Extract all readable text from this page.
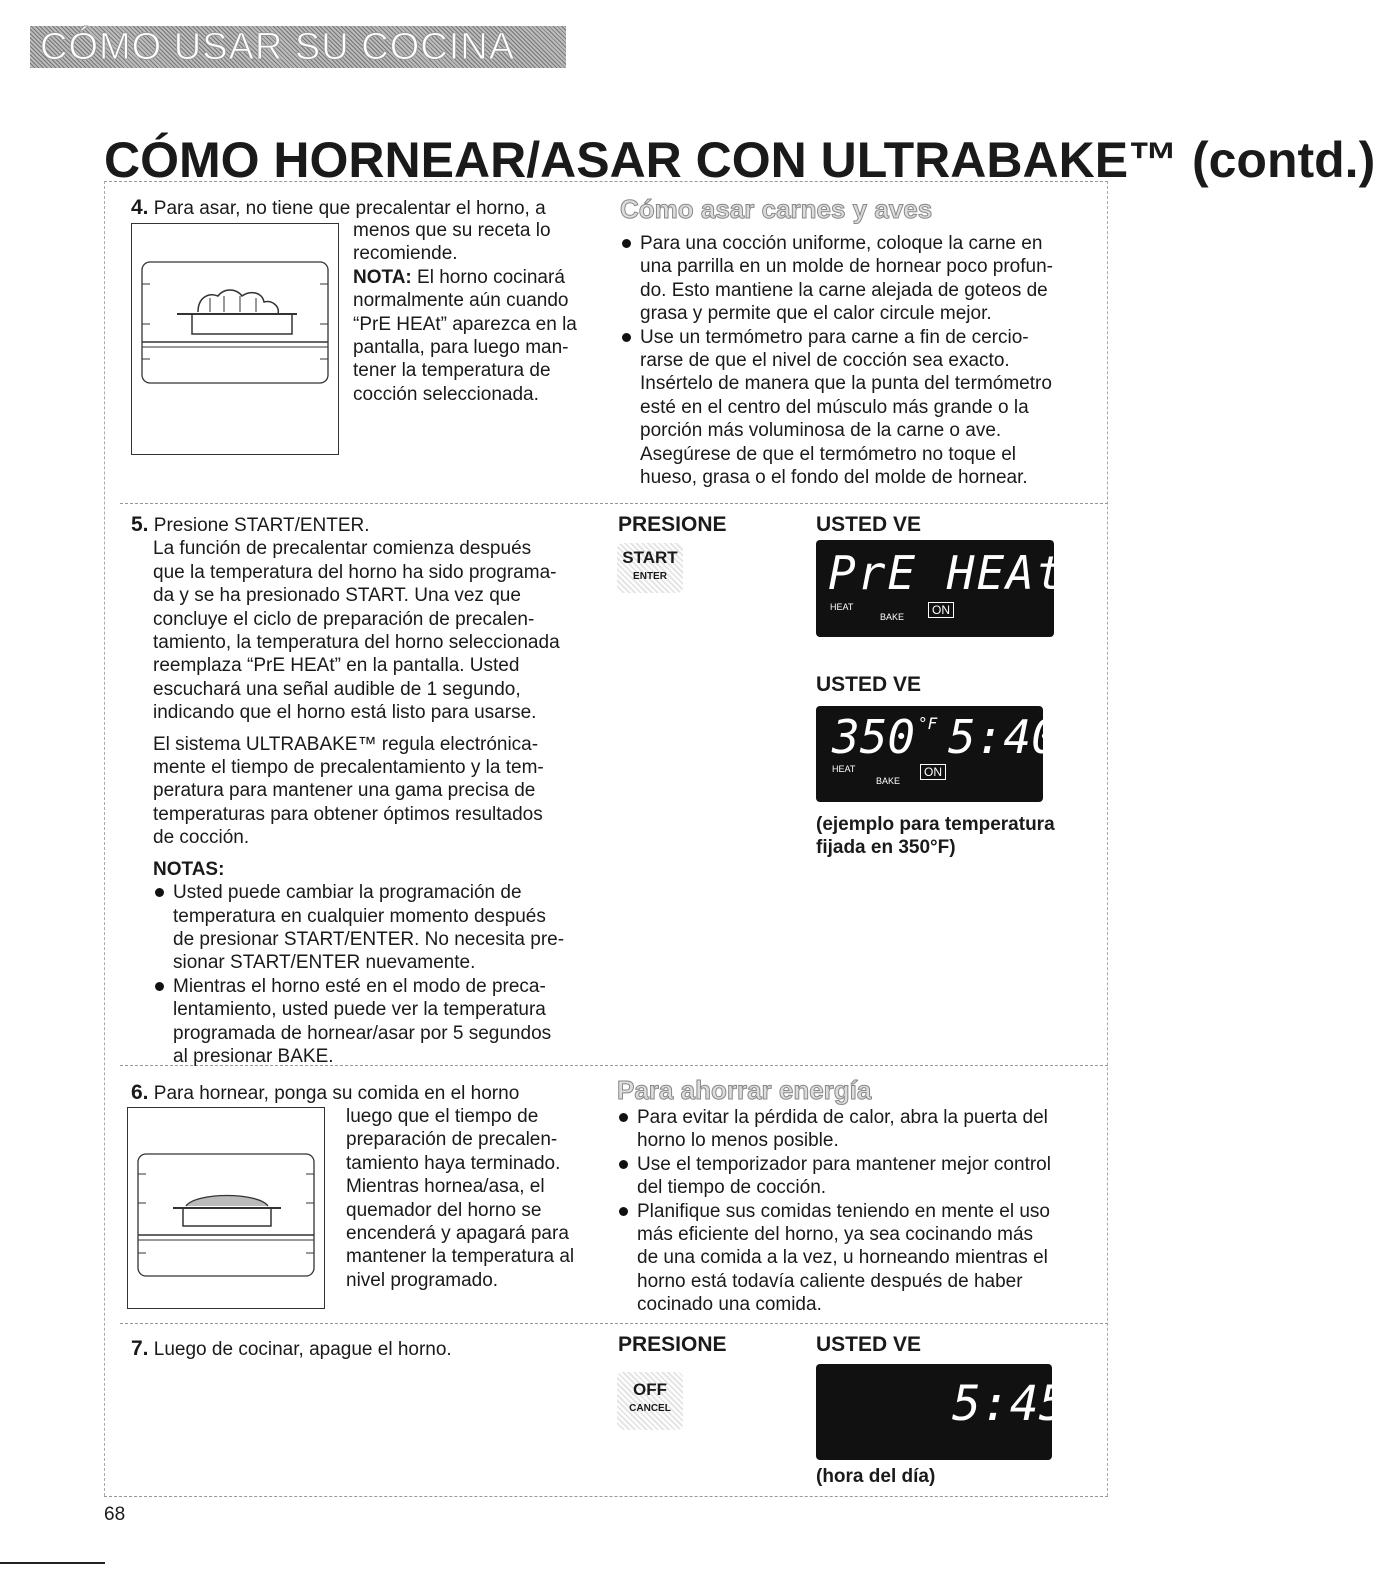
CÓMO USAR SU COCINA
CÓMO HORNEAR/ASAR CON ULTRABAKE™ (contd.)
4. Para asar, no tiene que precalentar el horno, a
menos que su receta lo
recomiende.
NOTA: El horno cocinará
normalmente aún cuando
“PrE HEAt” aparezca en la
pantalla, para luego man-
tener la temperatura de
cocción seleccionada.
Cómo asar carnes y aves
Para una cocción uniforme, coloque la carne en
una parrilla en un molde de hornear poco profun-
do. Esto mantiene la carne alejada de goteos de
grasa y permite que el calor circule mejor.
Use un termómetro para carne a fin de cercio-
rarse de que el nivel de cocción sea exacto.
Insértelo de manera que la punta del termómetro
esté en el centro del músculo más grande o la
porción más voluminosa de la carne o ave.
Asegúrese de que el termómetro no toque el
hueso, grasa o el fondo del molde de hornear.
5. Presione START/ENTER.
La función de precalentar comienza después
que la temperatura del horno ha sido programa-
da y se ha presionado START. Una vez que
concluye el ciclo de preparación de precalen-
tamiento, la temperatura del horno seleccionada
reemplaza “PrE HEAt” en la pantalla. Usted
escuchará una señal audible de 1 segundo,
indicando que el horno está listo para usarse.
El sistema ULTRABAKE™ regula electrónica-
mente el tiempo de precalentamiento y la tem-
peratura para mantener una gama precisa de
temperaturas para obtener óptimos resultados
de cocción.
NOTAS:
Usted puede cambiar la programación de
temperatura en cualquier momento después
de presionar START/ENTER. No necesita pre-
sionar START/ENTER nuevamente.
Mientras el horno esté en el modo de preca-
lentamiento, usted puede ver la temperatura
programada de hornear/asar por 5 segundos
al presionar BAKE.
PRESIONE
START
ENTER
USTED VE
PrE HEAt
HEAT
BAKE	ON
USTED VE
350 °F 5:40
HEAT
BAKE
ON
(ejemplo para temperatura
fijada en 350°F)
6. Para hornear, ponga su comida en el horno
luego que el tiempo de
preparación de precalen-
tamiento haya terminado.
Mientras hornea/asa, el
quemador del horno se
encenderá y apagará para
mantener la temperatura al
nivel programado.
Para ahorrar energía
Para evitar la pérdida de calor, abra la puerta del
horno lo menos posible.
Use el temporizador para mantener mejor control
del tiempo de cocción.
Planifique sus comidas teniendo en mente el uso
más eficiente del horno, ya sea cocinando más
de una comida a la vez, u horneando mientras el
horno está todavía caliente después de haber
cocinado una comida.
7. Luego de cocinar, apague el horno.	PRESIONE
OFF
CANCEL
USTED VE
5:45
(hora del día)
68
